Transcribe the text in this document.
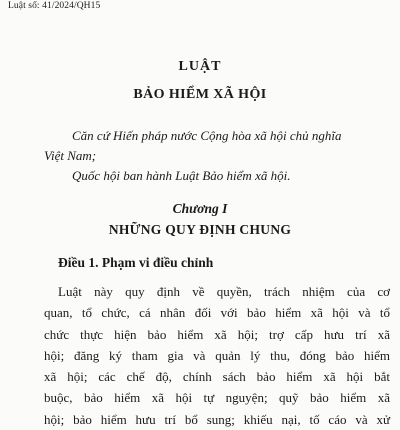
Luật số: 41/2024/QH15
LUẬT
BẢO HIỂM XÃ HỘI
Căn cứ Hiến pháp nước Cộng hòa xã hội chủ nghĩa
Việt Nam;
Quốc hội ban hành Luật Bảo hiểm xã hội.
Chương I
NHỮNG QUY ĐỊNH CHUNG
Điều 1. Phạm vi điều chỉnh
Luật này quy định về quyền, trách nhiệm của cơ
quan, tổ chức, cá nhân đối với bảo hiểm xã hội và tổ
chức thực hiện bảo hiểm xã hội; trợ cấp hưu trí xã
hội; đăng ký tham gia và quản lý thu, đóng bảo hiểm
xã hội; các chế độ, chính sách bảo hiểm xã hội bắt
buộc, bảo hiểm xã hội tự nguyện; quỹ bảo hiểm xã
hội; bảo hiểm hưu trí bổ sung; khiếu nại, tố cáo và xử
